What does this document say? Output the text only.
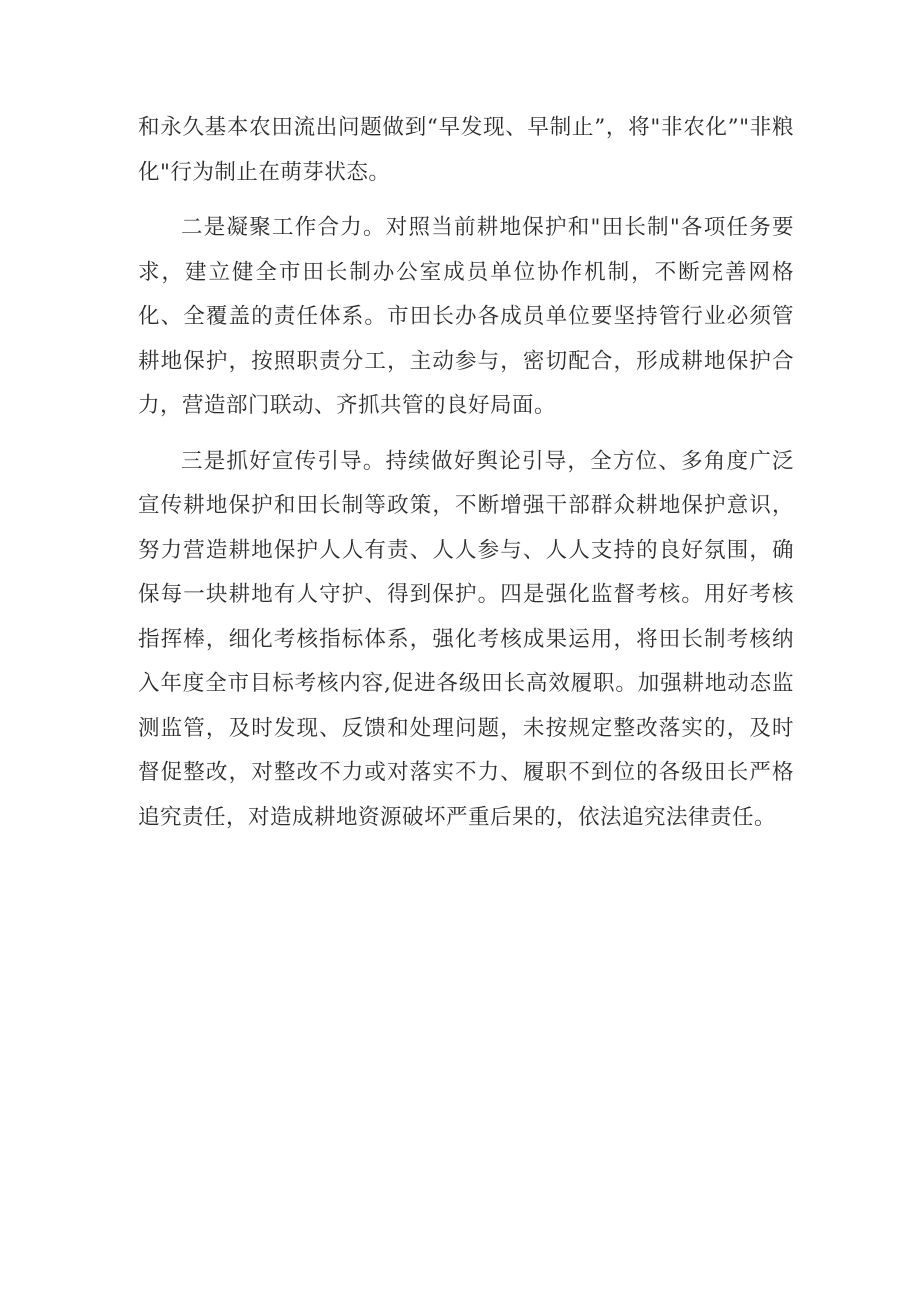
和永久基本农田流出问题做到“早发现、早制止”，将"非农化”"非粮化"行为制止在萌芽状态。

二是凝聚工作合力。对照当前耕地保护和"田长制"各项任务要求，建立健全市田长制办公室成员单位协作机制，不断完善网格化、全覆盖的责任体系。市田长办各成员单位要坚持管行业必须管耕地保护，按照职责分工，主动参与，密切配合，形成耕地保护合力，营造部门联动、齐抓共管的良好局面。

三是抓好宣传引导。持续做好舆论引导，全方位、多角度广泛宣传耕地保护和田长制等政策，不断增强干部群众耕地保护意识，努力营造耕地保护人人有责、人人参与、人人支持的良好氛围，确保每一块耕地有人守护、得到保护。四是强化监督考核。用好考核指挥棒，细化考核指标体系，强化考核成果运用，将田长制考核纳入年度全市目标考核内容,促进各级田长高效履职。加强耕地动态监测监管，及时发现、反馈和处理问题，未按规定整改落实的，及时督促整改，对整改不力或对落实不力、履职不到位的各级田长严格追究责任，对造成耕地资源破坏严重后果的，依法追究法律责任。
